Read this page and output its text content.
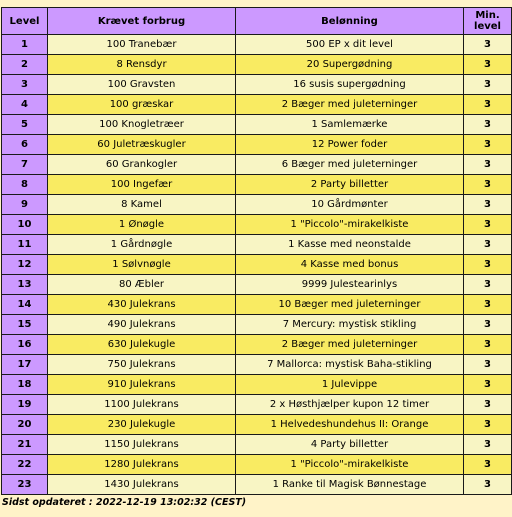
Level	Krævet forbrug	Belønning	Min.
level
1	100 Tranebær	500 EP x dit level	3
2	8 Rensdyr	20 Supergødning	3
3	100 Gravsten	16 susis supergødning	3
4	100 græskar	2 Bæger med juleterninger	3
5	100 Knogletræer	1 Samlemærke	3
6	60 Juletræskugler	12 Power foder	3
7	60 Grankogler	6 Bæger med juleterninger	3
8	100 Ingefær	2 Party billetter	3
9	8 Kamel	10 Gårdmønter	3
10	1 Ønøgle	1 "Piccolo"-mirakelkiste	3
11	1 Gårdnøgle	1 Kasse med neonstalde	3
12	1 Sølvnøgle	4 Kasse med bonus	3
13	80 Æbler	9999 Julestearinlys	3
14	430 Julekrans	10 Bæger med juleterninger	3
15	490 Julekrans	7 Mercury: mystisk stikling	3
16	630 Julekugle	2 Bæger med juleterninger	3
17	750 Julekrans	7 Mallorca: mystisk Baha-stikling	3
18	910 Julekrans	1 Julevippe	3
19	1100 Julekrans	2 x Høsthjælper kupon 12 timer	3
20	230 Julekugle	1 Helvedeshundehus II: Orange	3
21	1150 Julekrans	4 Party billetter	3
22	1280 Julekrans	1 "Piccolo"-mirakelkiste	3
23	1430 Julekrans	1 Ranke til Magisk Bønnestage	3
Sidst opdateret : 2022-12-19 13:02:32 (CEST)
